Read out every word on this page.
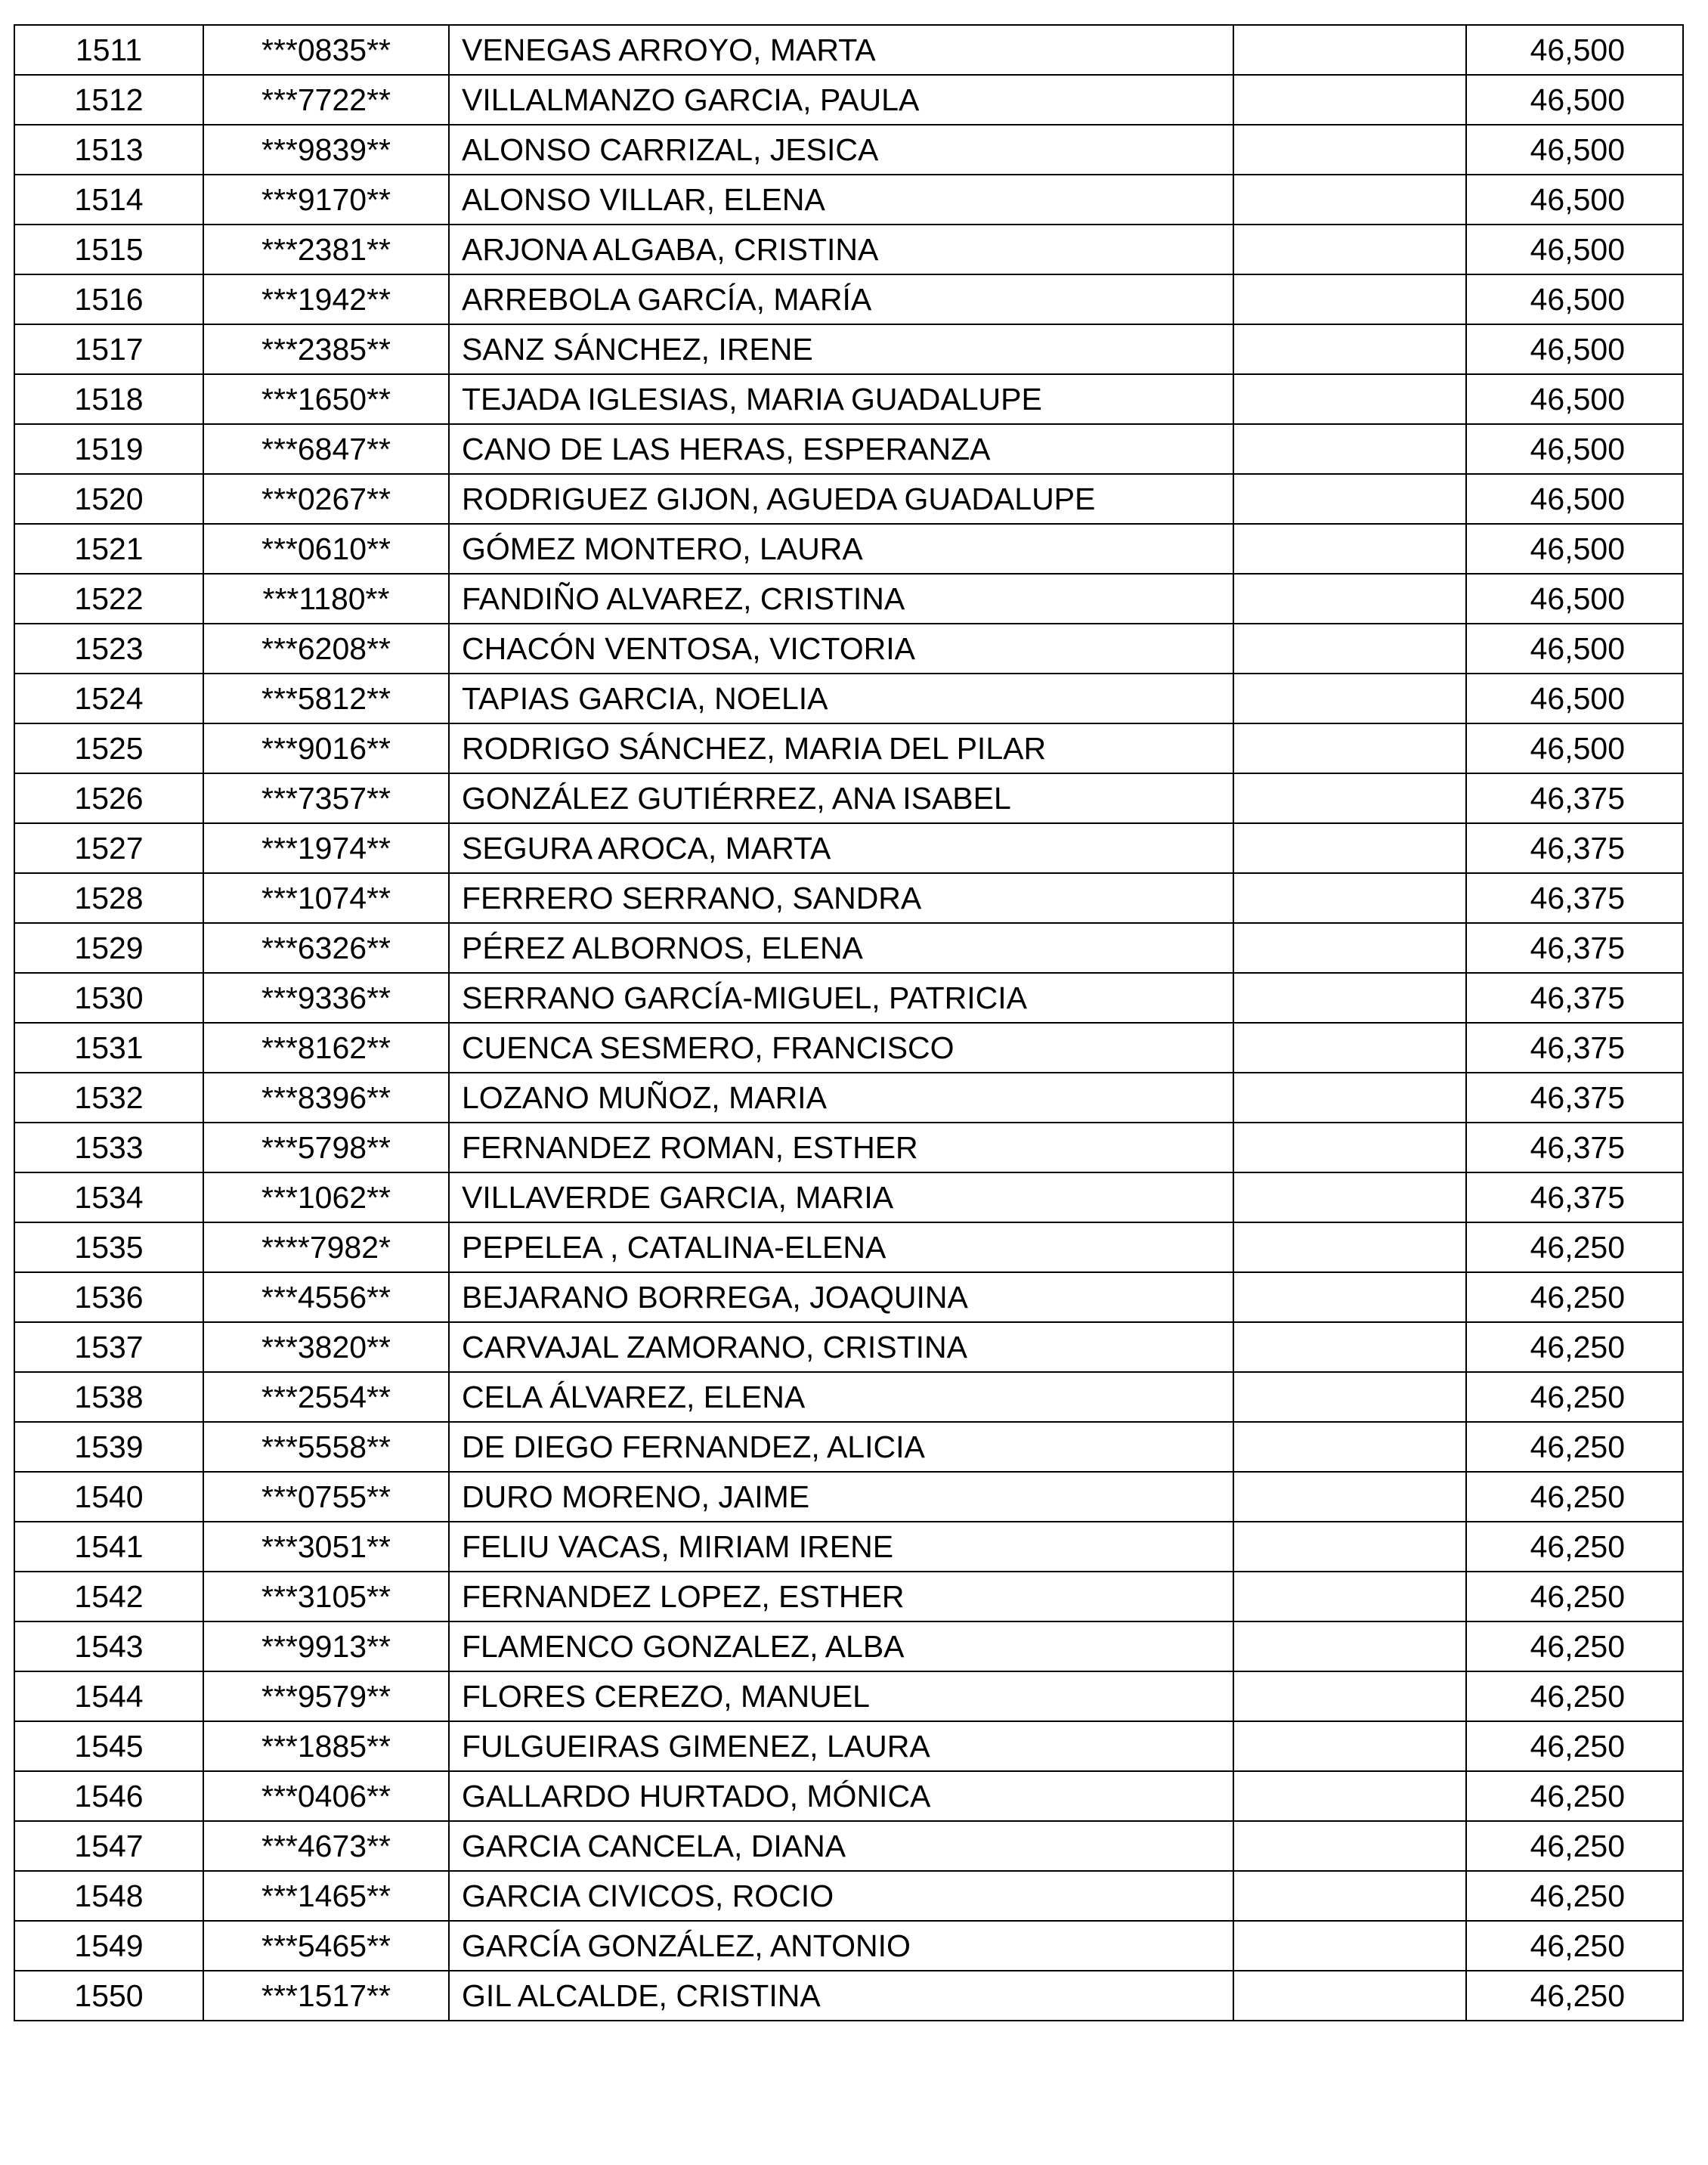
1511	***0835**	VENEGAS ARROYO, MARTA		46,500
1512	***7722**	VILLALMANZO GARCIA, PAULA		46,500
1513	***9839**	ALONSO CARRIZAL, JESICA		46,500
1514	***9170**	ALONSO VILLAR, ELENA		46,500
1515	***2381**	ARJONA ALGABA, CRISTINA		46,500
1516	***1942**	ARREBOLA GARCÍA, MARÍA		46,500
1517	***2385**	SANZ SÁNCHEZ, IRENE		46,500
1518	***1650**	TEJADA IGLESIAS, MARIA GUADALUPE		46,500
1519	***6847**	CANO DE LAS HERAS, ESPERANZA		46,500
1520	***0267**	RODRIGUEZ GIJON, AGUEDA GUADALUPE		46,500
1521	***0610**	GÓMEZ MONTERO, LAURA		46,500
1522	***1180**	FANDIÑO ALVAREZ, CRISTINA		46,500
1523	***6208**	CHACÓN VENTOSA, VICTORIA		46,500
1524	***5812**	TAPIAS GARCIA, NOELIA		46,500
1525	***9016**	RODRIGO SÁNCHEZ, MARIA DEL PILAR		46,500
1526	***7357**	GONZÁLEZ GUTIÉRREZ, ANA ISABEL		46,375
1527	***1974**	SEGURA AROCA, MARTA		46,375
1528	***1074**	FERRERO SERRANO, SANDRA		46,375
1529	***6326**	PÉREZ ALBORNOS, ELENA		46,375
1530	***9336**	SERRANO GARCÍA-MIGUEL, PATRICIA		46,375
1531	***8162**	CUENCA SESMERO, FRANCISCO		46,375
1532	***8396**	LOZANO MUÑOZ, MARIA		46,375
1533	***5798**	FERNANDEZ ROMAN, ESTHER		46,375
1534	***1062**	VILLAVERDE GARCIA, MARIA		46,375
1535	****7982*	PEPELEA , CATALINA-ELENA		46,250
1536	***4556**	BEJARANO BORREGA, JOAQUINA		46,250
1537	***3820**	CARVAJAL ZAMORANO, CRISTINA		46,250
1538	***2554**	CELA ÁLVAREZ, ELENA		46,250
1539	***5558**	DE DIEGO FERNANDEZ, ALICIA		46,250
1540	***0755**	DURO MORENO, JAIME		46,250
1541	***3051**	FELIU VACAS, MIRIAM IRENE		46,250
1542	***3105**	FERNANDEZ LOPEZ, ESTHER		46,250
1543	***9913**	FLAMENCO GONZALEZ, ALBA		46,250
1544	***9579**	FLORES CEREZO, MANUEL		46,250
1545	***1885**	FULGUEIRAS GIMENEZ, LAURA		46,250
1546	***0406**	GALLARDO HURTADO, MÓNICA		46,250
1547	***4673**	GARCIA CANCELA, DIANA		46,250
1548	***1465**	GARCIA CIVICOS, ROCIO		46,250
1549	***5465**	GARCÍA GONZÁLEZ, ANTONIO		46,250
1550	***1517**	GIL ALCALDE, CRISTINA		46,250
